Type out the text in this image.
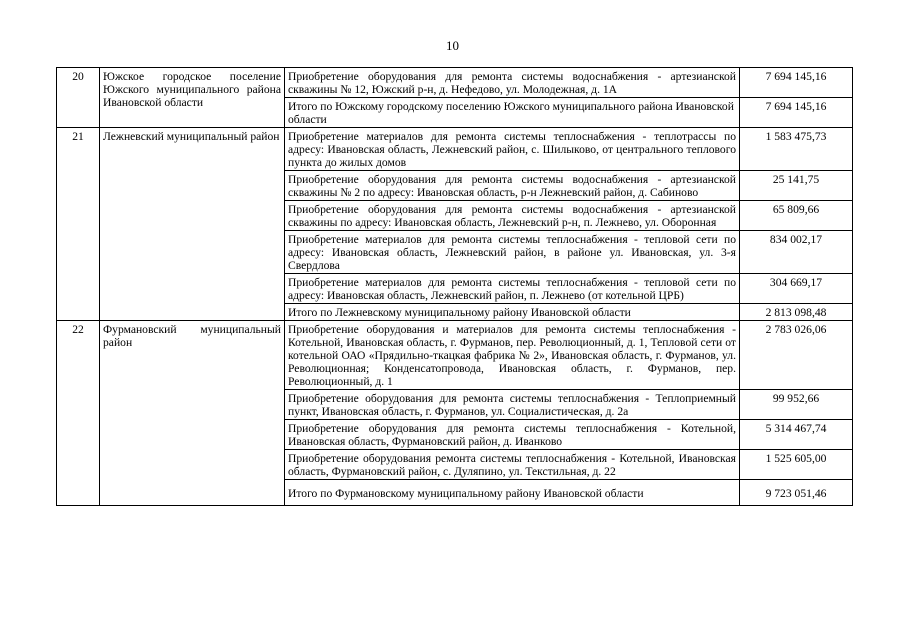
10
20	Южское городское поселение Южского муниципального района Ивановской области	Приобретение оборудования для ремонта системы водоснабжения - артезианской скважины № 12, Южский р-н, д. Нефедово, ул. Молодежная, д. 1А	7 694 145,16
		Итого по Южскому городскому поселению Южского муниципального района Ивановской области	7 694 145,16
21	Лежневский муниципальный район	Приобретение материалов для ремонта системы теплоснабжения - теплотрассы по адресу: Ивановская область, Лежневский район, с. Шилыково, от центрального теплового пункта до жилых домов	1 583 475,73
		Приобретение оборудования для ремонта системы водоснабжения - артезианской скважины № 2 по адресу: Ивановская область, р-н Лежневский район, д. Сабиново	25 141,75
		Приобретение оборудования для ремонта системы водоснабжения - артезианской скважины по адресу: Ивановская область, Лежневский р-н, п. Лежнево, ул. Оборонная	65 809,66
		Приобретение материалов для ремонта системы теплоснабжения - тепловой сети по адресу: Ивановская область, Лежневский район, в районе ул. Ивановская, ул. 3-я Свердлова	834 002,17
		Приобретение материалов для ремонта системы теплоснабжения - тепловой сети по адресу: Ивановская область, Лежневский район, п. Лежнево (от котельной ЦРБ)	304 669,17
		Итого по Лежневскому муниципальному району Ивановской области	2 813 098,48
22	Фурмановский муниципальный район	Приобретение оборудования и материалов для ремонта системы теплоснабжения - Котельной, Ивановская область, г. Фурманов, пер. Революционный, д. 1, Тепловой сети от котельной ОАО «Прядильно-ткацкая фабрика № 2», Ивановская область, г. Фурманов, ул. Революционная; Конденсатопровода, Ивановская область, г. Фурманов, пер. Революционный, д. 1	2 783 026,06
		Приобретение оборудования для ремонта системы теплоснабжения - Теплоприемный пункт, Ивановская область, г. Фурманов, ул. Социалистическая, д. 2а	99 952,66
		Приобретение оборудования для ремонта системы теплоснабжения - Котельной, Ивановская область, Фурмановский район, д. Иванково	5 314 467,74
		Приобретение оборудования ремонта системы теплоснабжения - Котельной, Ивановская область, Фурмановский район, с. Дуляпино, ул. Текстильная, д. 22	1 525 605,00
		Итого по Фурмановскому муниципальному району Ивановской области	9 723 051,46
